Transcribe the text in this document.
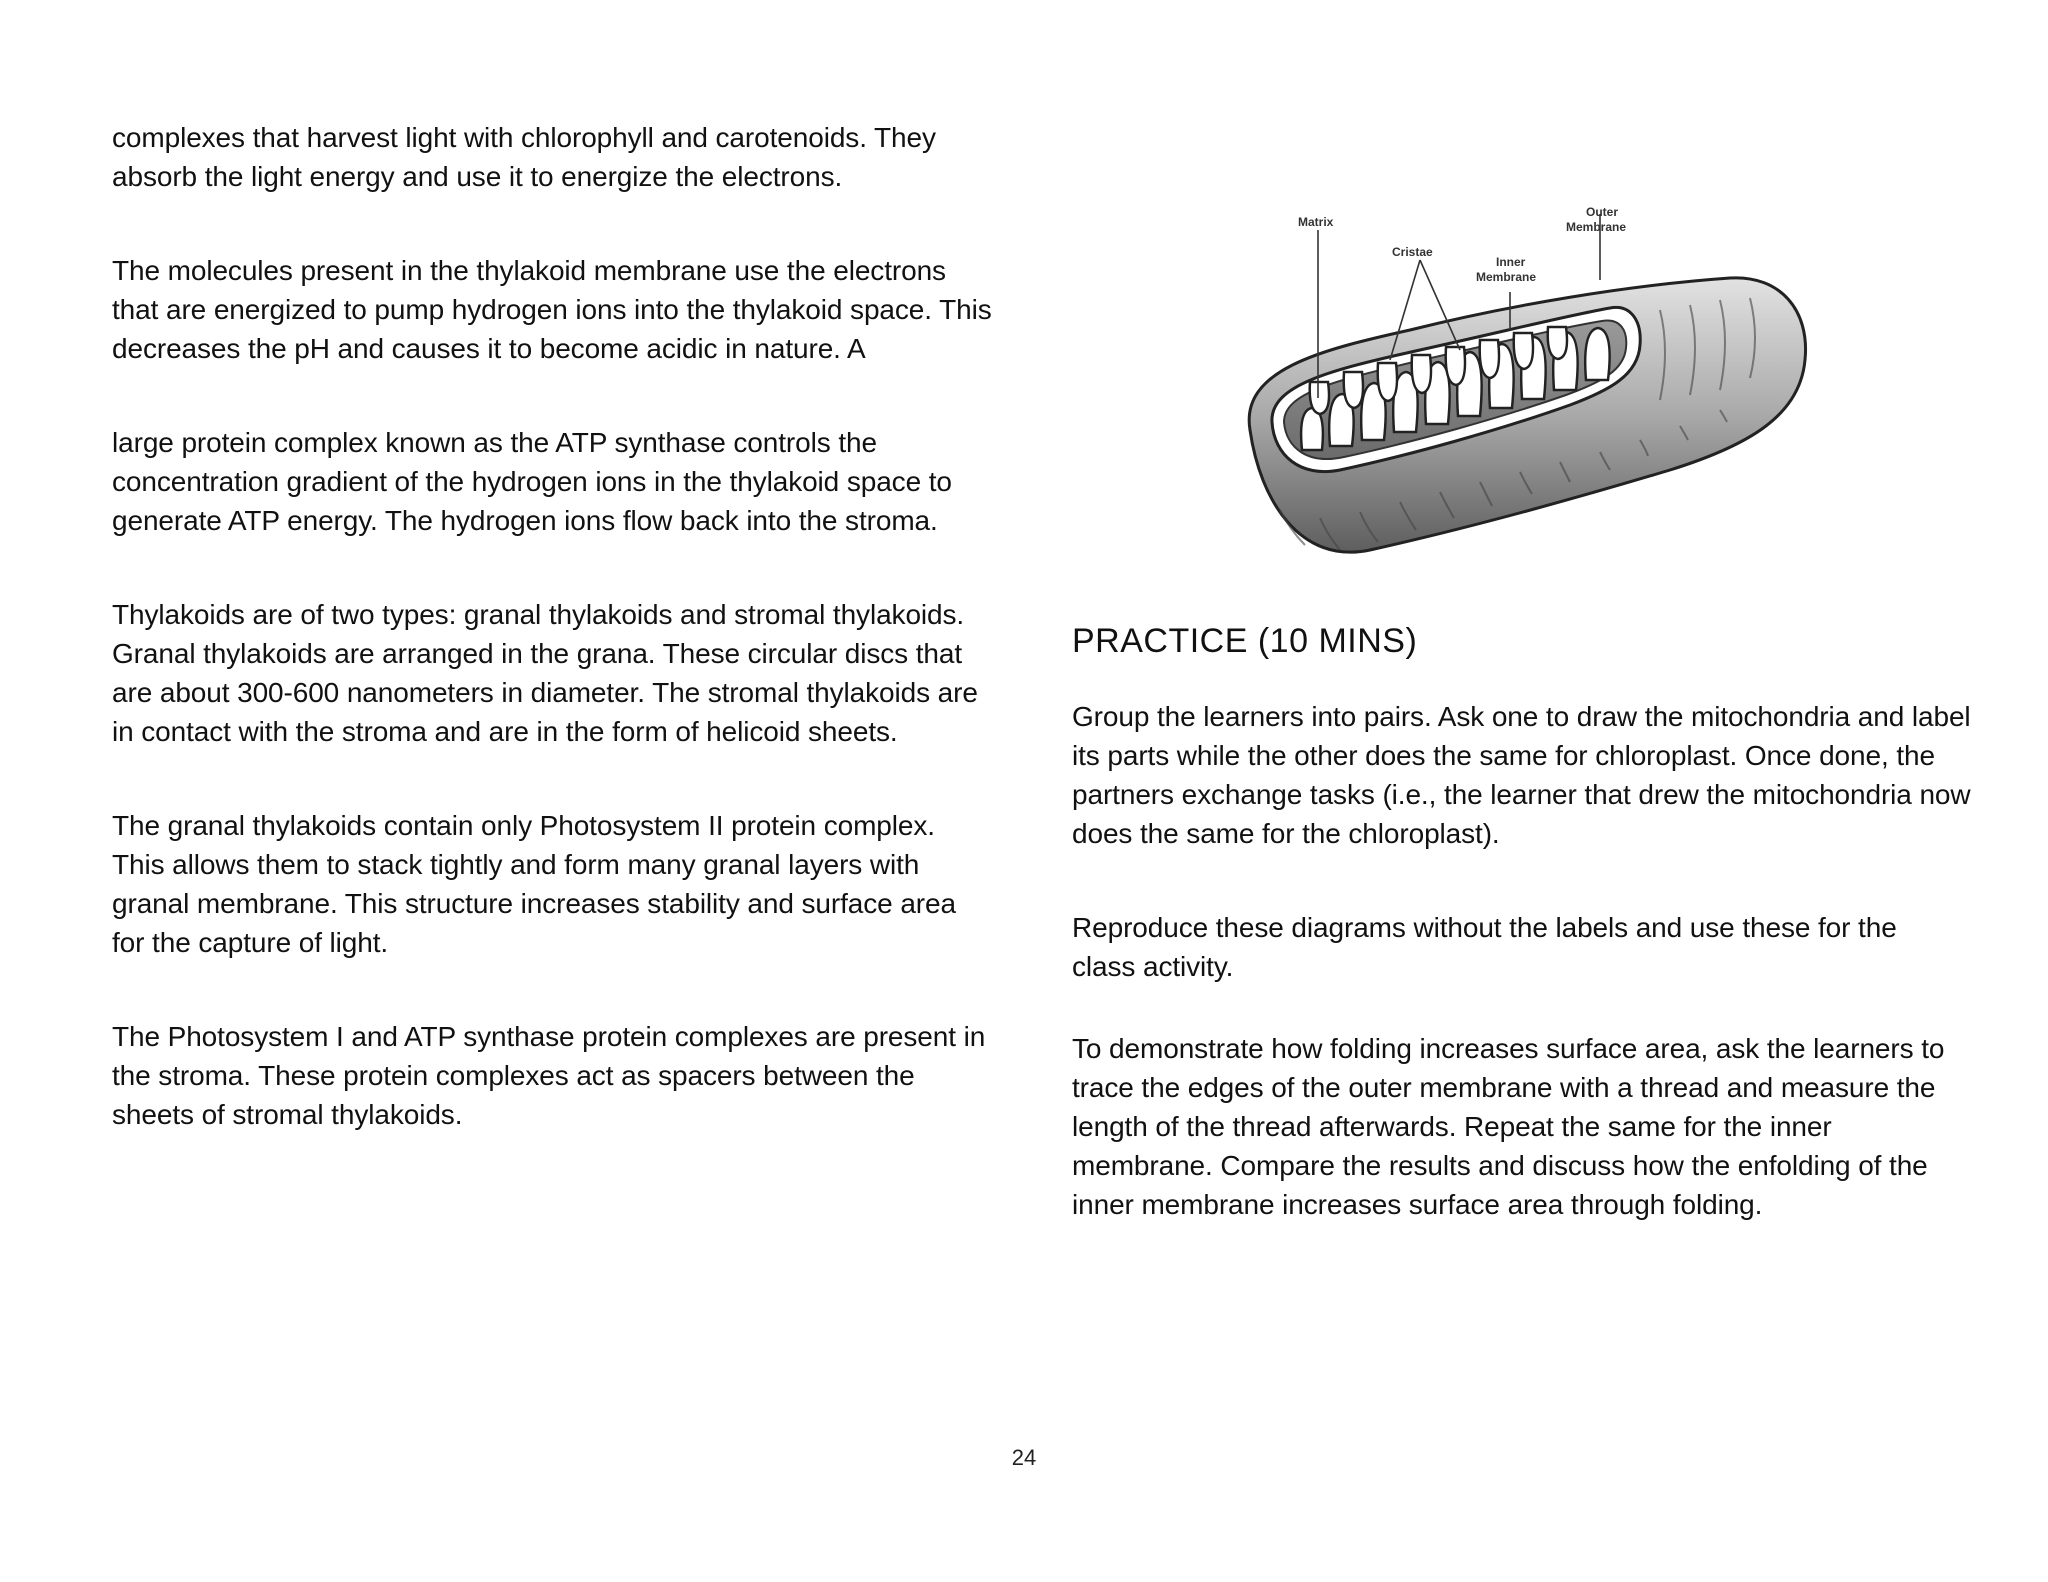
complexes that harvest light with chlorophyll and carotenoids. They absorb the light energy and use it to energize the electrons.

The molecules present in the thylakoid membrane use the electrons that are energized to pump hydrogen ions into the thylakoid space. This decreases the pH and causes it to become acidic in nature. A

large protein complex known as the ATP synthase controls the concentration gradient of the hydrogen ions in the thylakoid space to generate ATP energy. The hydrogen ions flow back into the stroma.

Thylakoids are of two types: granal thylakoids and stromal thylakoids. Granal thylakoids are arranged in the grana. These circular discs that are about 300-600 nanometers in diameter. The stromal thylakoids are in contact with the stroma and are in the form of helicoid sheets.

The granal thylakoids contain only Photosystem II protein complex. This allows them to stack tightly and form many granal layers with granal membrane. This structure increases stability and surface area for the capture of light.

The Photosystem I and ATP synthase protein complexes are present in the stroma. These protein complexes act as spacers between the sheets of stromal thylakoids.

Matrix
Cristae
Inner
Membrane
Outer
Membrane
PRACTICE (10 MINS)

Group the learners into pairs. Ask one to draw the mitochondria and label its parts while the other does the same for chloroplast. Once done, the partners exchange tasks (i.e., the learner that drew the mitochondria now does the same for the chloroplast).

Reproduce these diagrams without the labels and use these for the class activity.

To demonstrate how folding increases surface area, ask the learners to trace the edges of the outer membrane with a thread and measure the length of the thread afterwards. Repeat the same for the inner membrane. Compare the results and discuss how the enfolding of the inner membrane increases surface area through folding.

24
